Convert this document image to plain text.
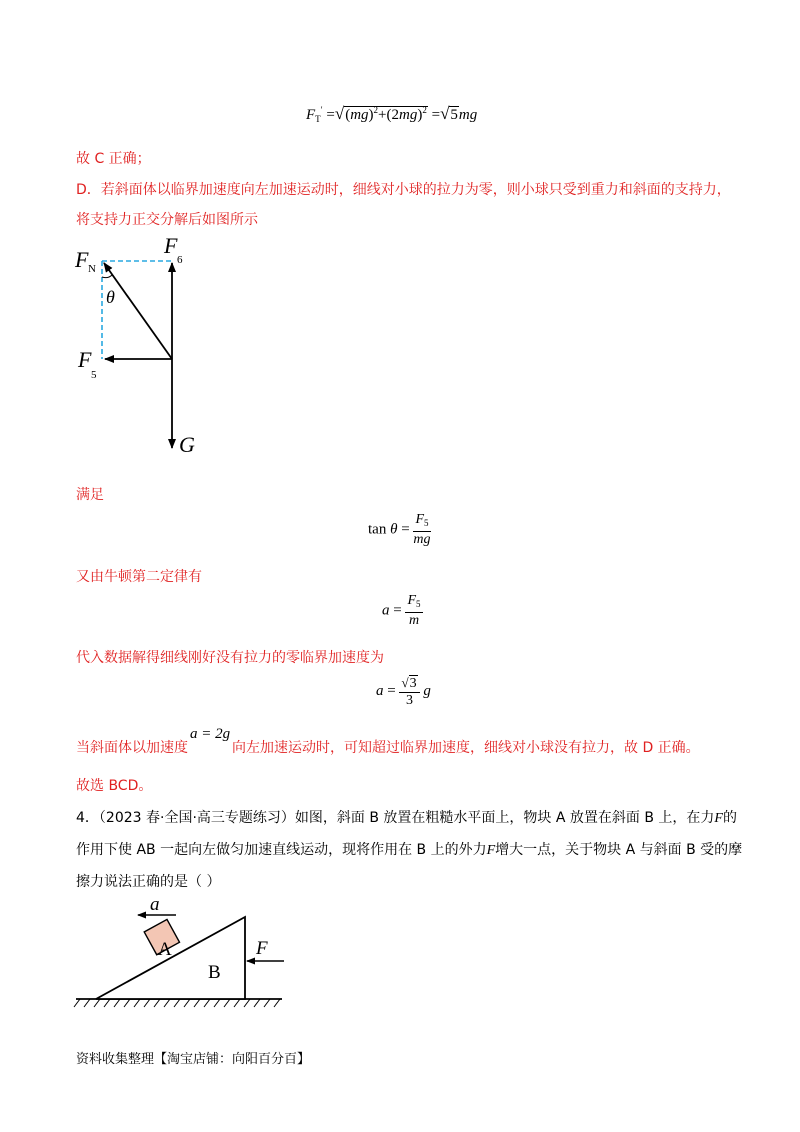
$F_T' =√(mg)^2+(2mg)^2 =√5mg$
故 C 正确；
D．若斜面体以临界加速度向左加速运动时，细线对小球的拉力为零，则小球只受到重力和斜面的支持力，
将支持力正交分解后如图所示
F N
F
6
θ
F
5
G
满足
$\tan \theta = \frac{F_5}{mg}$
又由牛顿第二定律有
$a = \frac{F_5}{m}$
代入数据解得细线刚好没有拉力的零临界加速度为
$a = \frac{√3}{3}$ g
当斜面体以加速度
a = 2g
向左加速运动时，可知超过临界加速度，细线对小球没有拉力，故 D 正确。
故选 BCD。
4．（2023 春·全国·高三专题练习）如图，斜面 B 放置在粗糙水平面上，物块 A 放置在斜面 B 上，在力F的
作用下使 AB 一起向左做匀加速直线运动，现将作用在 B 上的外力F增大一点，关于物块 A 与斜面 B 受的摩
擦力说法正确的是（ ）
A
B
a
F
资料收集整理【淘宝店铺：向阳百分百】
